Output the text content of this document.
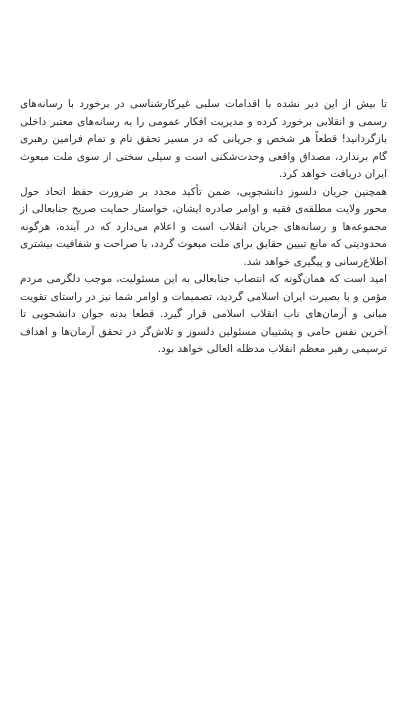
تا بیش از این دیر نشده با اقدامات سلبی غیرکارشناسی در برخورد با رسانه‌های رسمی و انقلابی برخورد کرده و مدیریت افکار عمومی را به رسانه‌های معتبر داخلی بازگردانید! قطعاً هر شخص و جریانی که در مسیر تحقق تام و تمام فرامین رهبری گام برندارد، مصداق واقعی وحدت‌شکنی است و سیلی سختی از سوی ملت مبعوث ایران دریافت خواهد کرد.

همچنین جریان دلسوز دانشجویی، ضمن تأکید مجدد بر ضرورت حفظ اتحاد حول محور ولایت مطلقه‌ی فقیه و اوامر صادره ایشان، خواستار حمایت صریح جنابعالی از مجموعه‌ها و رسانه‌های جریان انقلاب است و اعلام می‌دارد که در آینده، هرگونه محدودیتی که مانع تبیین حقایق برای ملت مبعوث گردد، با صراحت و شفافیت بیشتری اطلاع‌رسانی و پیگیری خواهد شد.

امید است که همان‌گونه که انتصاب جنابعالی به این مسئولیت، موجب دلگرمی مردم مؤمن و با بصیرت ایران اسلامی گردید، تصمیمات و اوامر شما نیز در راستای تقویت مبانی و آرمان‌های ناب انقلاب اسلامی قرار گیرد. قطعا بدنه جوان دانشجویی تا آخرین نفس حامی و پشتیبان مسئولین دلسوز و تلاش‌گر در تحقق آرمان‌ها و اهداف ترسیمی رهبر معظم انقلاب مدظله العالی خواهد بود.
